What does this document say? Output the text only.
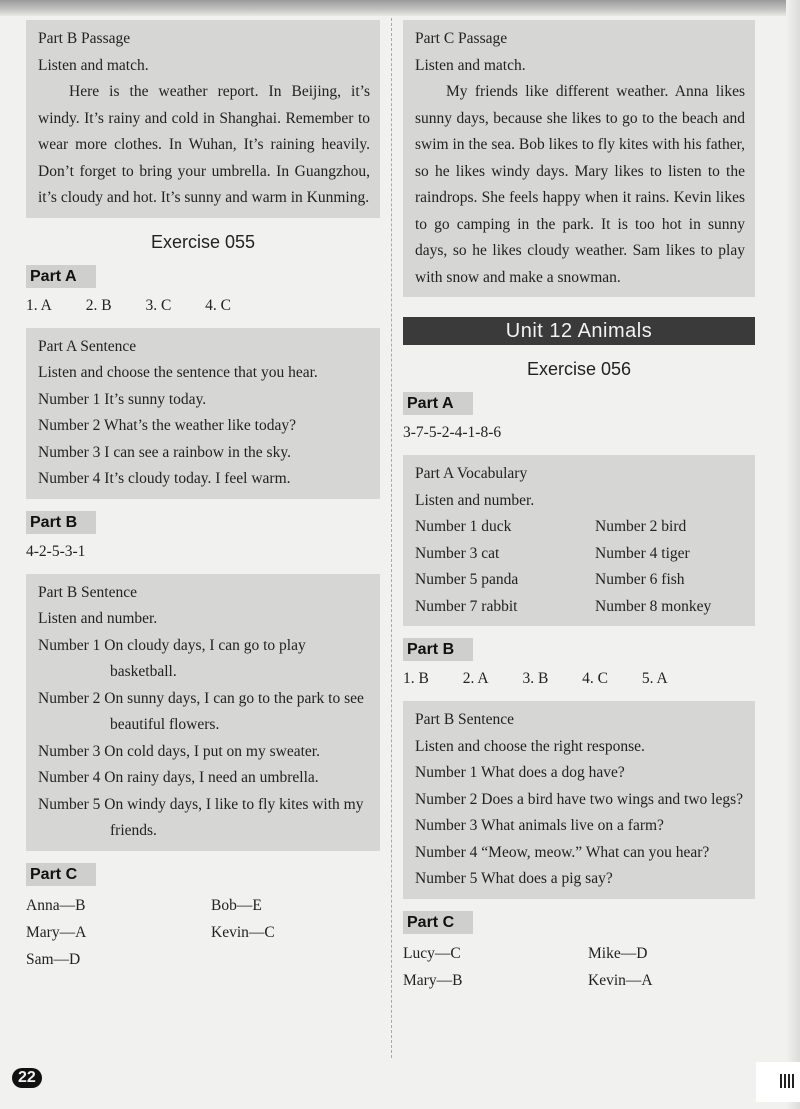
Part B Passage

Listen and match.

Here is the weather report. In Beijing, it’s windy. It’s rainy and cold in Shanghai. Remember to wear more clothes. In Wuhan, It’s raining heavily. Don’t forget to bring your umbrella. In Guangzhou, it’s cloudy and hot. It’s sunny and warm in Kunming.

Exercise 055
Part A
1. A 2. B 3. C 4. C

Part A Sentence

Listen and choose the sentence that you hear.

Number 1 It’s sunny today.

Number 2 What’s the weather like today?

Number 3 I can see a rainbow in the sky.

Number 4 It’s cloudy today. I feel warm.

Part B
4-2-5-3-1

Part B Sentence

Listen and number.

Number 1 On cloudy days, I can go to play basketball.

Number 2 On sunny days, I can go to the park to see beautiful flowers.

Number 3 On cold days, I put on my sweater.

Number 4 On rainy days, I need an umbrella.

Number 5 On windy days, I like to fly kites with my friends.

Part C
Anna—B	Bob—E
Mary—A	Kevin—C
Sam—D

Part C Passage

Listen and match.

My friends like different weather. Anna likes sunny days, because she likes to go to the beach and swim in the sea. Bob likes to fly kites with his father, so he likes windy days. Mary likes to listen to the raindrops. She feels happy when it rains. Kevin likes to go camping in the park. It is too hot in sunny days, so he likes cloudy weather. Sam likes to play with snow and make a snowman.

Unit 12 Animals
Exercise 056
Part A
3-7-5-2-4-1-8-6

Part A Vocabulary

Listen and number.

Number 1 duck	Number 2 bird
Number 3 cat	Number 4 tiger
Number 5 panda	Number 6 fish
Number 7 rabbit	Number 8 monkey
Part B
1. B 2. A 3. B 4. C 5. A

Part B Sentence

Listen and choose the right response.

Number 1 What does a dog have?

Number 2 Does a bird have two wings and two legs?

Number 3 What animals live on a farm?

Number 4 “Meow, meow.” What can you hear?

Number 5 What does a pig say?

Part C
Lucy—C	Mike—D
Mary—B	Kevin—A
22
